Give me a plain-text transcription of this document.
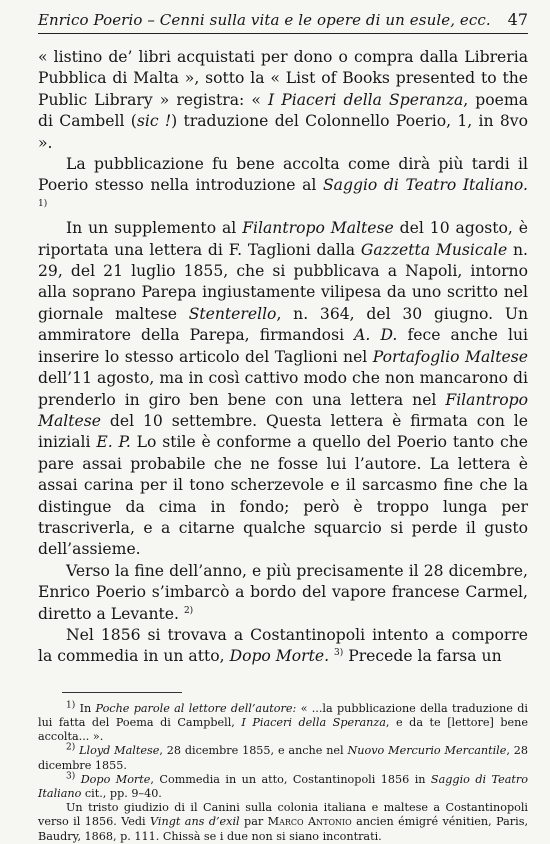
Enrico Poerio – Cenni sulla vita e le opere di un esule, ecc. 47

« listino de’ libri acquistati per dono o compra dalla Libreria Pubblica di Malta », sotto la « List of Books presented to the Public Library » registra: « I Piaceri della Speranza, poema di Cambell (sic !) traduzione del Colonnello Poerio, 1, in 8vo ».

La pubblicazione fu bene accolta come dirà più tardi il Poerio stesso nella introduzione al Saggio di Teatro Italiano. $^{1)}$

In un supplemento al Filantropo Maltese del 10 agosto, è riportata una lettera di F. Taglioni dalla Gazzetta Musicale n. 29, del 21 luglio 1855, che si pubblicava a Napoli, intorno alla soprano Parepa ingiustamente vilipesa da uno scritto nel giornale maltese Stenterello, n. 364, del 30 giugno. Un ammiratore della Parepa, firmandosi A. D. fece anche lui inserire lo stesso articolo del Taglioni nel Portafoglio Maltese dell’11 agosto, ma in così cattivo modo che non mancarono di prenderlo in giro ben bene con una lettera nel Filantropo Maltese del 10 settembre. Questa lettera è firmata con le iniziali E. P. Lo stile è conforme a quello del Poerio tanto che pare assai probabile che ne fosse lui l’autore. La lettera è assai carina per il tono scherzevole e il sarcasmo fine che la distingue da cima in fondo; però è troppo lunga per trascriverla, e a citarne qualche squarcio si perde il gusto dell’assieme.

Verso la fine dell’anno, e più precisamente il 28 dicembre, Enrico Poerio s’imbarcò a bordo del vapore francese Carmel, diretto a Levante. $^{2)}$

Nel 1856 si trovava a Costantinopoli intento a comporre la commedia in un atto, Dopo Morte. $^{3)}$ Precede la farsa un

$^{1)}$ In Poche parole al lettore dell’autore: « ...la pubblicazione della traduzione di lui fatta del Poema di Campbell, I Piaceri della Speranza, e da te [lettore] bene accolta... ».

$^{2)}$ Lloyd Maltese, 28 dicembre 1855, e anche nel Nuovo Mercurio Mercantile, 28 dicembre 1855.

$^{3)}$ Dopo Morte, Commedia in un atto, Costantinopoli 1856 in Saggio di Teatro Italiano cit., pp. 9–40.

Un tristo giudizio di il Canini sulla colonia italiana e maltese a Costantinopoli verso il 1856. Vedi Vingt ans d’exil par Marco Antonio ancien émigré vénitien, Paris, Baudry, 1868, p. 111. Chissà se i due non si siano incontrati.
